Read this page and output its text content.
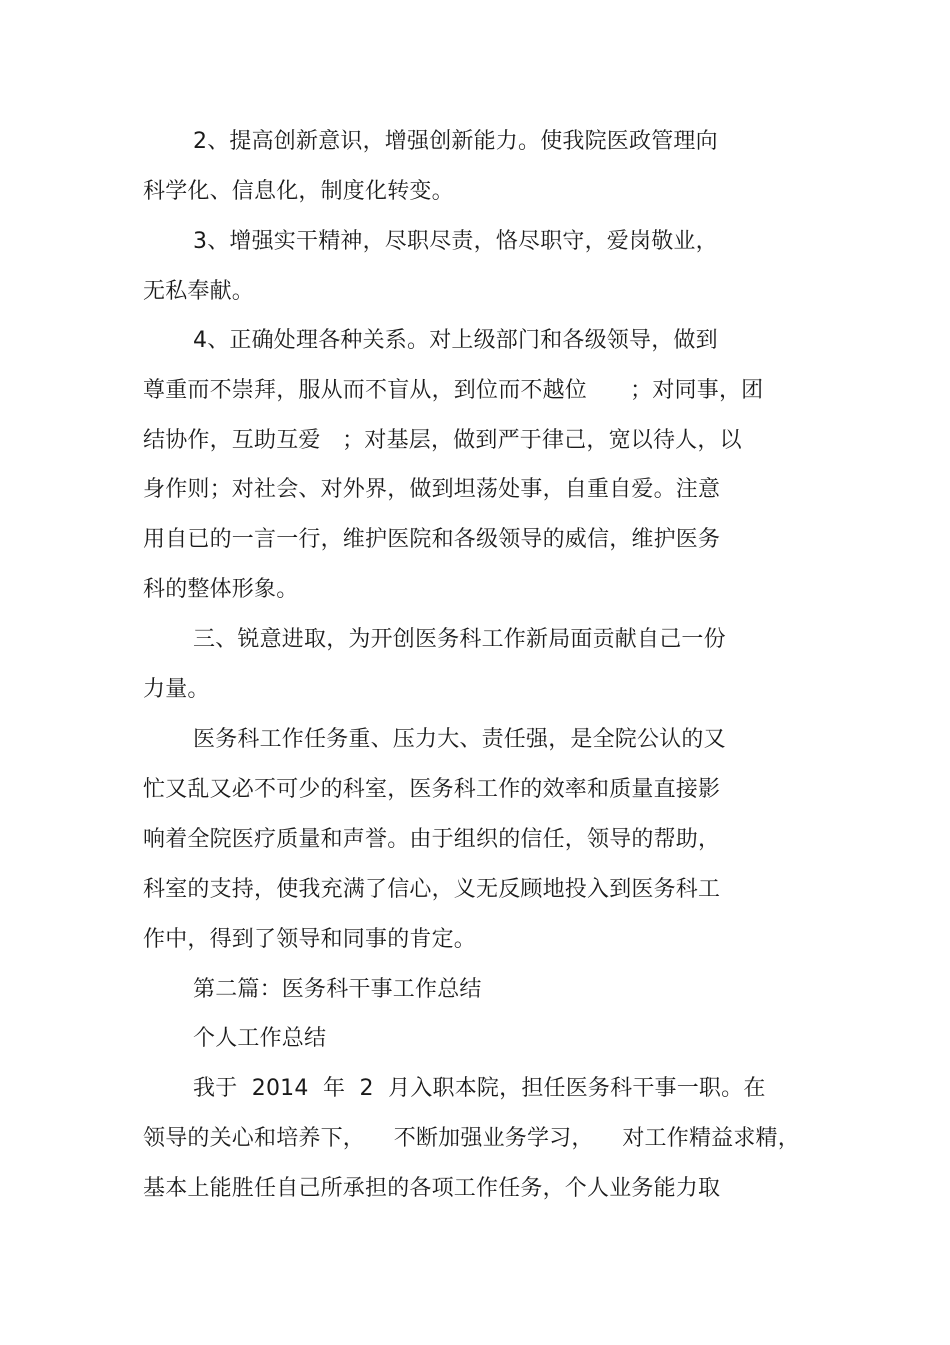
2、提高创新意识，增强创新能力。使我院医政管理向
科学化、信息化，制度化转变。
3、增强实干精神，尽职尽责，恪尽职守，爱岗敬业，
无私奉献。
4、正确处理各种关系。对上级部门和各级领导，做到
尊重而不崇拜，服从而不盲从，到位而不越位      ；对同事，团
结协作，互助互爱   ；对基层，做到严于律己，宽以待人，以
身作则；对社会、对外界，做到坦荡处事，自重自爱。注意
用自已的一言一行，维护医院和各级领导的威信，维护医务
科的整体形象。
三、锐意进取，为开创医务科工作新局面贡献自己一份
力量。
医务科工作任务重、压力大、责任强，是全院公认的又
忙又乱又必不可少的科室，医务科工作的效率和质量直接影
响着全院医疗质量和声誉。由于组织的信任，领导的帮助，
科室的支持，使我充满了信心，义无反顾地投入到医务科工
作中，得到了领导和同事的肯定。
第二篇：医务科干事工作总结
个人工作总结
我于  2014  年  2  月入职本院，担任医务科干事一职。在
领导的关心和培养下，    不断加强业务学习，    对工作精益求精，
基本上能胜任自己所承担的各项工作任务，个人业务能力取
